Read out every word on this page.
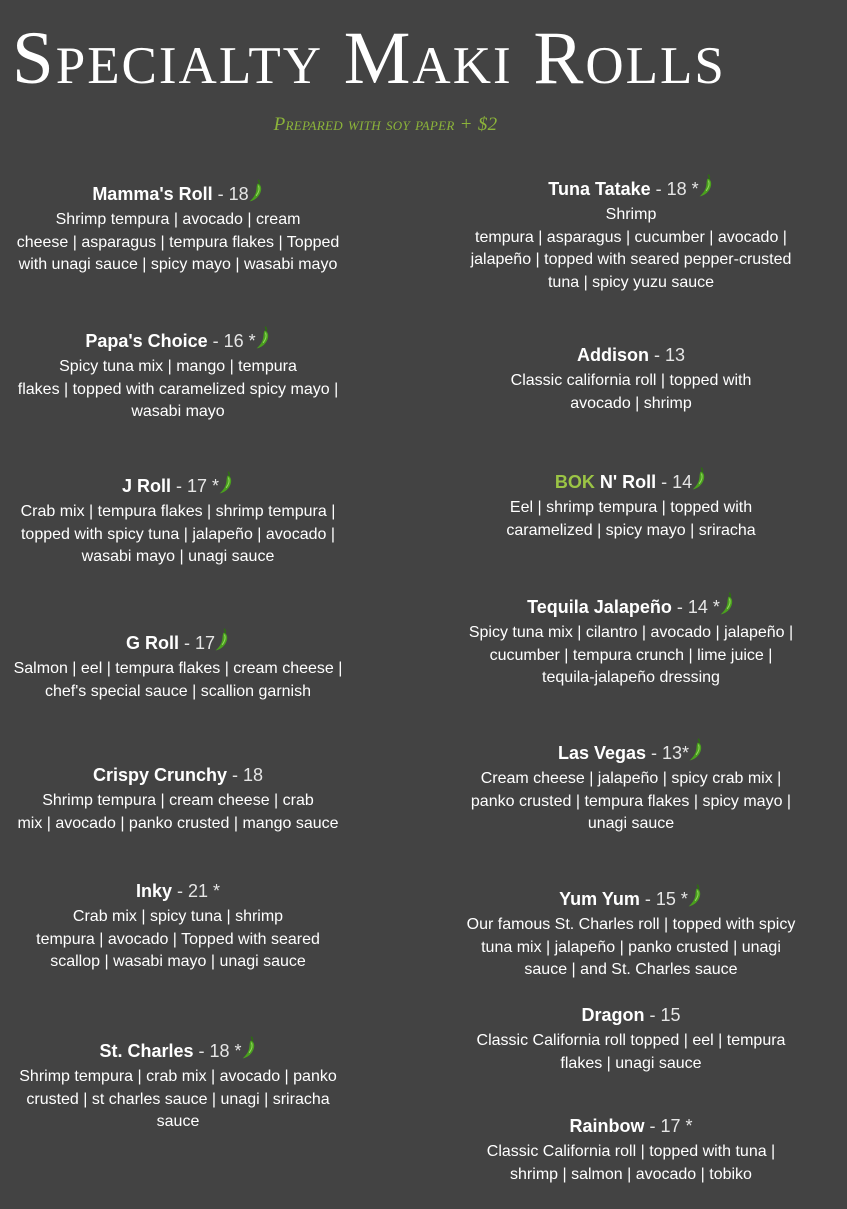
Specialty Maki Rolls
Prepared with soy paper + $2
Mamma's Roll - 18
Shrimp tempura | avocado | cream
cheese | asparagus | tempura flakes | Topped
with unagi sauce | spicy mayo | wasabi mayo
Papa's Choice - 16 *
Spicy tuna mix | mango | tempura
flakes | topped with caramelized spicy mayo |
wasabi mayo
J Roll - 17 *
Crab mix | tempura flakes | shrimp tempura |
topped with spicy tuna | jalapeño | avocado |
wasabi mayo | unagi sauce
G Roll - 17
Salmon | eel | tempura flakes | cream cheese |
chef's special sauce | scallion garnish
Crispy Crunchy - 18
Shrimp tempura | cream cheese | crab
mix | avocado | panko crusted | mango sauce
Inky - 21 *
Crab mix | spicy tuna | shrimp
tempura | avocado | Topped with seared
scallop | wasabi mayo | unagi sauce
St. Charles - 18 *
Shrimp tempura | crab mix | avocado | panko
crusted | st charles sauce | unagi | sriracha
sauce
Tuna Tatake - 18 *
Shrimp
tempura | asparagus | cucumber | avocado |
jalapeño | topped with seared pepper-crusted
tuna | spicy yuzu sauce
Addison - 13
Classic california roll | topped with
avocado | shrimp
BOK N' Roll - 14
Eel | shrimp tempura | topped with
caramelized | spicy mayo | sriracha
Tequila Jalapeño - 14 *
Spicy tuna mix | cilantro | avocado | jalapeño |
cucumber | tempura crunch | lime juice |
tequila-jalapeño dressing
Las Vegas - 13*
Cream cheese | jalapeño | spicy crab mix |
panko crusted | tempura flakes | spicy mayo |
unagi sauce
Yum Yum - 15 *
Our famous St. Charles roll | topped with spicy
tuna mix | jalapeño | panko crusted | unagi
sauce | and St. Charles sauce
Dragon - 15
Classic California roll topped | eel | tempura
flakes | unagi sauce
Rainbow - 17 *
Classic California roll | topped with tuna |
shrimp | salmon | avocado | tobiko
